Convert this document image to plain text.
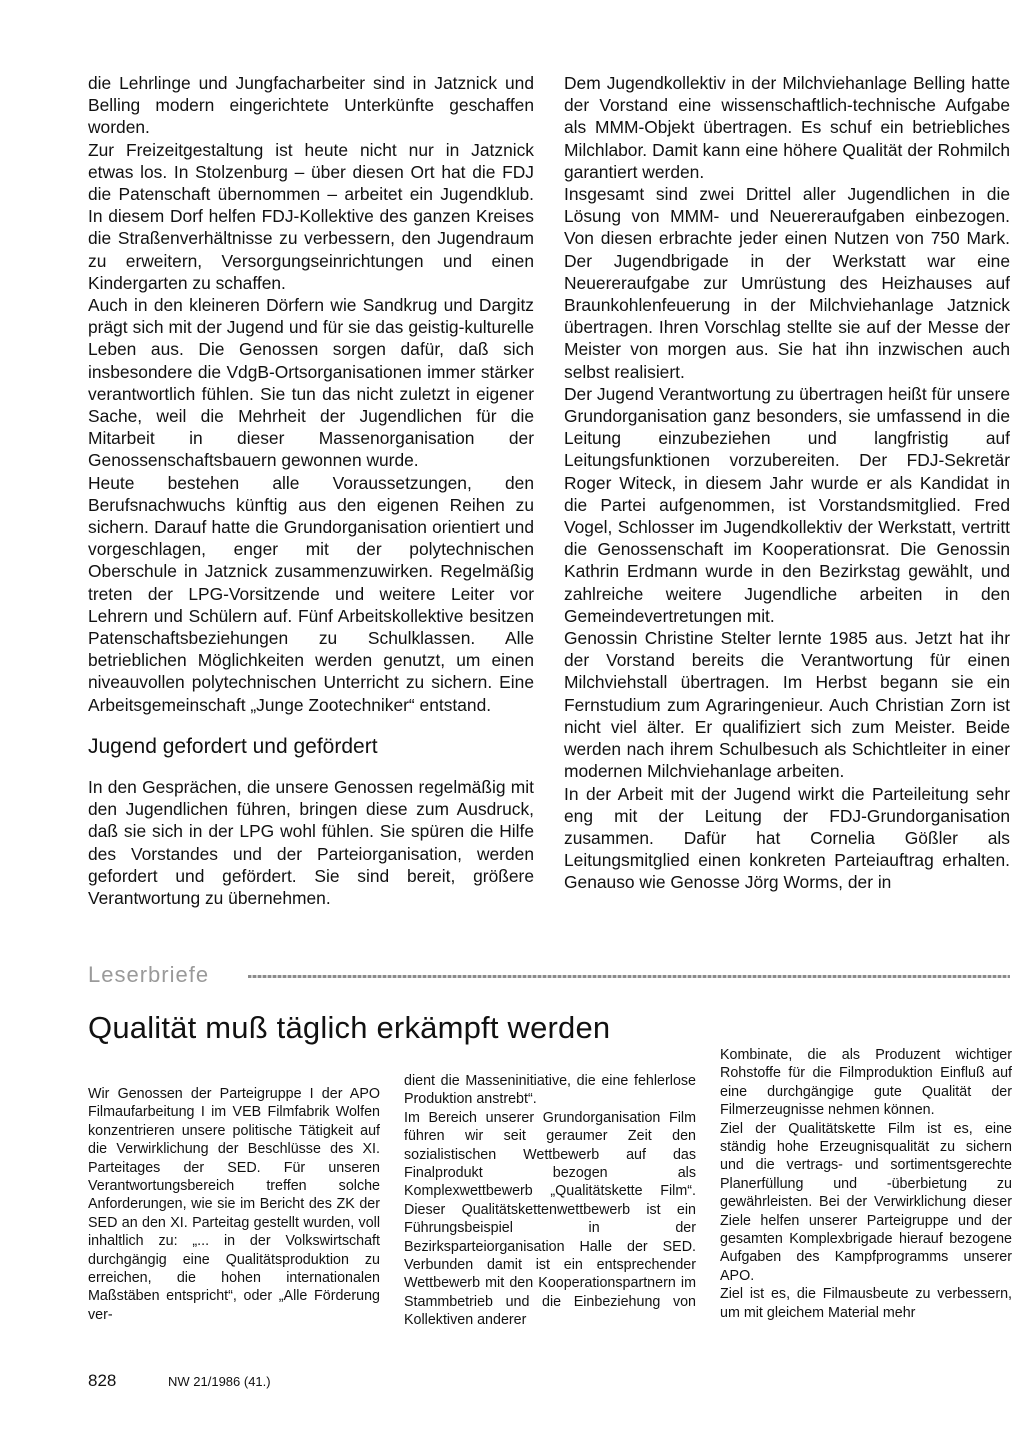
die Lehrlinge und Jungfacharbeiter sind in Jatznick und Belling modern eingerichtete Unterkünfte geschaffen worden.

Zur Freizeitgestaltung ist heute nicht nur in Jatznick etwas los. In Stolzenburg – über diesen Ort hat die FDJ die Patenschaft übernommen – arbeitet ein Jugendklub. In diesem Dorf helfen FDJ-Kollektive des ganzen Kreises die Straßenverhältnisse zu verbessern, den Jugendraum zu erweitern, Versorgungseinrichtungen und einen Kindergarten zu schaffen.

Auch in den kleineren Dörfern wie Sandkrug und Dargitz prägt sich mit der Jugend und für sie das geistig-kulturelle Leben aus. Die Genossen sorgen dafür, daß sich insbesondere die VdgB-Ortsorganisationen immer stärker verantwortlich fühlen. Sie tun das nicht zuletzt in eigener Sache, weil die Mehrheit der Jugendlichen für die Mitarbeit in dieser Massenorganisation der Genossenschaftsbauern gewonnen wurde.

Heute bestehen alle Voraussetzungen, den Berufsnachwuchs künftig aus den eigenen Reihen zu sichern. Darauf hatte die Grundorganisation orientiert und vorgeschlagen, enger mit der polytechnischen Oberschule in Jatznick zusammenzuwirken. Regelmäßig treten der LPG-Vorsitzende und weitere Leiter vor Lehrern und Schülern auf. Fünf Arbeitskollektive besitzen Patenschaftsbeziehungen zu Schulklassen. Alle betrieblichen Möglichkeiten werden genutzt, um einen niveauvollen polytechnischen Unterricht zu sichern. Eine Arbeitsgemeinschaft „Junge Zootechniker“ entstand.

Jugend gefordert und gefördert

In den Gesprächen, die unsere Genossen regelmäßig mit den Jugendlichen führen, bringen diese zum Ausdruck, daß sie sich in der LPG wohl fühlen. Sie spüren die Hilfe des Vorstandes und der Parteiorganisation, werden gefordert und gefördert. Sie sind bereit, größere Verantwortung zu übernehmen.

Dem Jugendkollektiv in der Milchviehanlage Belling hatte der Vorstand eine wissenschaftlich-technische Aufgabe als MMM-Objekt übertragen. Es schuf ein betriebliches Milchlabor. Damit kann eine höhere Qualität der Rohmilch garantiert werden.

Insgesamt sind zwei Drittel aller Jugendlichen in die Lösung von MMM- und Neuereraufgaben einbezogen. Von diesen erbrachte jeder einen Nutzen von 750 Mark. Der Jugendbrigade in der Werkstatt war eine Neuereraufgabe zur Umrüstung des Heizhauses auf Braunkohlenfeuerung in der Milchviehanlage Jatznick übertragen. Ihren Vorschlag stellte sie auf der Messe der Meister von morgen aus. Sie hat ihn inzwischen auch selbst realisiert.

Der Jugend Verantwortung zu übertragen heißt für unsere Grundorganisation ganz besonders, sie umfassend in die Leitung einzubeziehen und langfristig auf Leitungsfunktionen vorzubereiten. Der FDJ-Sekretär Roger Witeck, in diesem Jahr wurde er als Kandidat in die Partei aufgenommen, ist Vorstandsmitglied. Fred Vogel, Schlosser im Jugendkollektiv der Werkstatt, vertritt die Genossenschaft im Kooperationsrat. Die Genossin Kathrin Erdmann wurde in den Bezirkstag gewählt, und zahlreiche weitere Jugendliche arbeiten in den Gemeindevertretungen mit.

Genossin Christine Stelter lernte 1985 aus. Jetzt hat ihr der Vorstand bereits die Verantwortung für einen Milchviehstall übertragen. Im Herbst begann sie ein Fernstudium zum Agraringenieur. Auch Christian Zorn ist nicht viel älter. Er qualifiziert sich zum Meister. Beide werden nach ihrem Schulbesuch als Schichtleiter in einer modernen Milchviehanlage arbeiten.

In der Arbeit mit der Jugend wirkt die Parteileitung sehr eng mit der Leitung der FDJ-Grundorganisation zusammen. Dafür hat Cornelia Gößler als Leitungsmitglied einen konkreten Parteiauftrag erhalten. Genauso wie Genosse Jörg Worms, der in

Leserbriefe
Qualität muß täglich erkämpft werden

Wir Genossen der Parteigruppe I der APO Filmaufarbeitung I im VEB Filmfabrik Wolfen konzentrieren unsere politische Tätigkeit auf die Verwirklichung der Beschlüsse des XI. Parteitages der SED. Für unseren Verantwortungsbereich treffen solche Anforderungen, wie sie im Bericht des ZK der SED an den XI. Parteitag gestellt wurden, voll inhaltlich zu: „... in der Volkswirtschaft durchgängig eine Qualitätsproduktion zu erreichen, die hohen internationalen Maßstäben entspricht“, oder „Alle Förderung ver-

dient die Masseninitiative, die eine fehlerlose Produktion anstrebt“.

Im Bereich unserer Grundorganisation Film führen wir seit geraumer Zeit den sozialistischen Wettbewerb auf das Finalprodukt bezogen als Komplexwettbewerb „Qualitätskette Film“. Dieser Qualitätskettenwettbewerb ist ein Führungsbeispiel in der Bezirksparteiorganisation Halle der SED. Verbunden damit ist ein entsprechender Wettbewerb mit den Kooperationspartnern im Stammbetrieb und die Einbeziehung von Kollektiven anderer

Kombinate, die als Produzent wichtiger Rohstoffe für die Filmproduktion Einfluß auf eine durchgängige gute Qualität der Filmerzeugnisse nehmen können.

Ziel der Qualitätskette Film ist es, eine ständig hohe Erzeugnisqualität zu sichern und die vertrags- und sortimentsgerechte Planerfüllung und -überbietung zu gewährleisten. Bei der Verwirklichung dieser Ziele helfen unserer Parteigruppe und der gesamten Komplexbrigade hierauf bezogene Aufgaben des Kampfprogramms unserer APO.

Ziel ist es, die Filmausbeute zu verbessern, um mit gleichem Material mehr

828	NW 21/1986 (41.)
